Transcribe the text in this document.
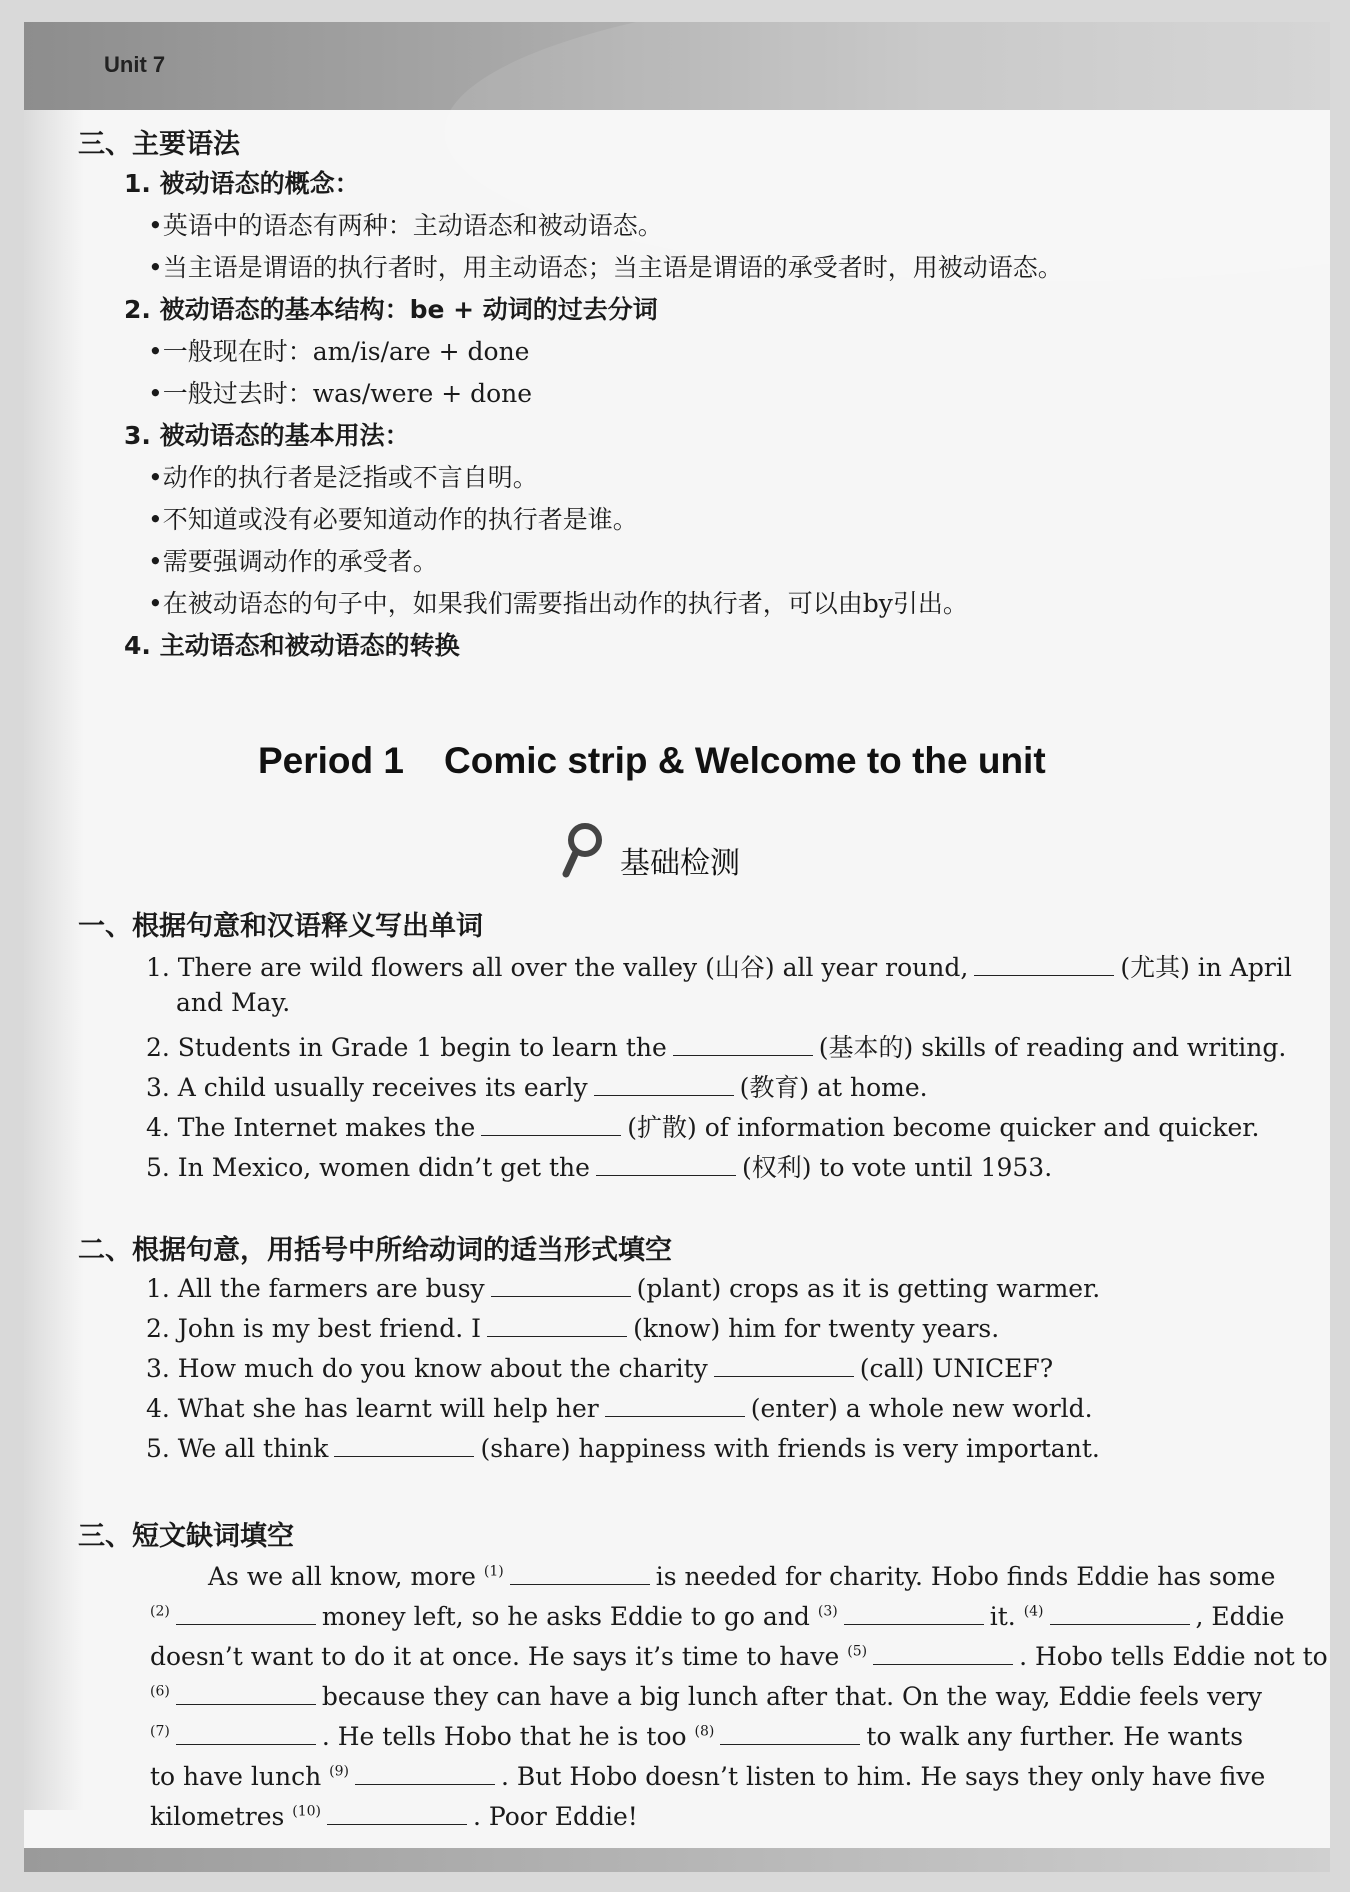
Unit 7
三、主要语法
1. 被动语态的概念：
•英语中的语态有两种：主动语态和被动语态。
•当主语是谓语的执行者时，用主动语态；当主语是谓语的承受者时，用被动语态。
2. 被动语态的基本结构：be + 动词的过去分词
•一般现在时：am/is/are + done
•一般过去时：was/were + done
3. 被动语态的基本用法：
•动作的执行者是泛指或不言自明。
•不知道或没有必要知道动作的执行者是谁。
•需要强调动作的承受者。
•在被动语态的句子中，如果我们需要指出动作的执行者，可以由by引出。
4. 主动语态和被动语态的转换
Period 1 Comic strip & Welcome to the unit
基础检测
一、根据句意和汉语释义写出单词
1. There are wild flowers all over the valley (山谷) all year round,	(尤其) in April
and May.
2. Students in Grade 1 begin to learn the	(基本的) skills of reading and writing.
3. A child usually receives its early	(教育) at home.
4. The Internet makes the	(扩散) of information become quicker and quicker.
5. In Mexico, women didn’t get the	(权利) to vote until 1953.
二、根据句意，用括号中所给动词的适当形式填空
1. All the farmers are busy	(plant) crops as it is getting warmer.
2. John is my best friend. I	(know) him for twenty years.
3. How much do you know about the charity	(call) UNICEF?
4. What she has learnt will help her	(enter) a whole new world.
5. We all think	(share) happiness with friends is very important.
三、短文缺词填空
As we all know, more $^{(1)}$	is needed for charity. Hobo finds Eddie has some
$^{(2)}$	money left, so he asks Eddie to go and $^{(3)}$	it. $^{(4)}$	, Eddie
doesn’t want to do it at once. He says it’s time to have $^{(5)}$	. Hobo tells Eddie not to
$^{(6)}$	because they can have a big lunch after that. On the way, Eddie feels very
$^{(7)}$	. He tells Hobo that he is too $^{(8)}$	to walk any further. He wants
to have lunch $^{(9)}$	. But Hobo doesn’t listen to him. He says they only have five
kilometres $^{(10)}$	. Poor Eddie!
